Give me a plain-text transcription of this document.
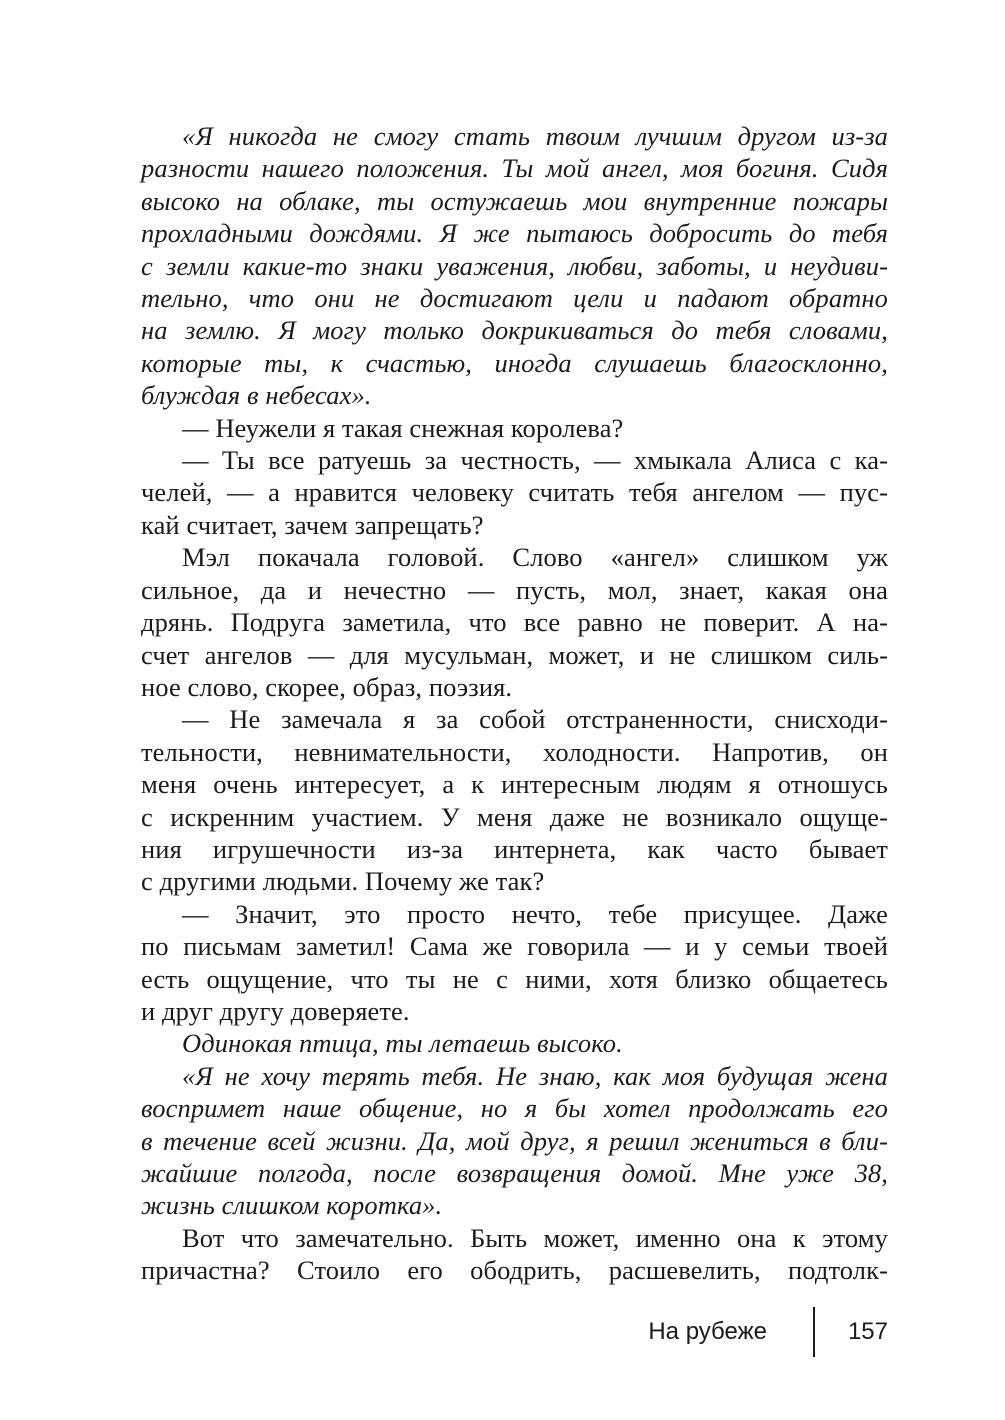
«Я никогда не смогу стать твоим лучшим другом из-за
разности нашего положения. Ты мой ангел, моя богиня. Сидя
высоко на облаке, ты остужаешь мои внутренние пожары
прохладными дождями. Я же пытаюсь добросить до тебя
с земли какие-то знаки уважения, любви, заботы, и неудиви-
тельно, что они не достигают цели и падают обратно
на землю. Я могу только докрикиваться до тебя словами,
которые ты, к счастью, иногда слушаешь благосклонно,
блуждая в небесах».

— Неужели я такая снежная королева?

— Ты все ратуешь за честность, — хмыкала Алиса с ка-
челей, — а нравится человеку считать тебя ангелом — пус-
кай считает, зачем запрещать?

Мэл покачала головой. Слово «ангел» слишком уж
сильное, да и нечестно — пусть, мол, знает, какая она
дрянь. Подруга заметила, что все равно не поверит. А на-
счет ангелов — для мусульман, может, и не слишком силь-
ное слово, скорее, образ, поэзия.

— Не замечала я за собой отстраненности, снисходи-
тельности, невнимательности, холодности. Напротив, он
меня очень интересует, а к интересным людям я отношусь
с искренним участием. У меня даже не возникало ощуще-
ния игрушечности из-за интернета, как часто бывает
с другими людьми. Почему же так?

— Значит, это просто нечто, тебе присущее. Даже
по письмам заметил! Сама же говорила — и у семьи твоей
есть ощущение, что ты не с ними, хотя близко общаетесь
и друг другу доверяете.

Одинокая птица, ты летаешь высоко.

«Я не хочу терять тебя. Не знаю, как моя будущая жена
воспримет наше общение, но я бы хотел продолжать его
в течение всей жизни. Да, мой друг, я решил жениться в бли-
жайшие полгода, после возвращения домой. Мне уже 38,
жизнь слишком коротка».

Вот что замечательно. Быть может, именно она к этому
причастна? Стоило его ободрить, расшевелить, подтолк-

На рубеже	157
